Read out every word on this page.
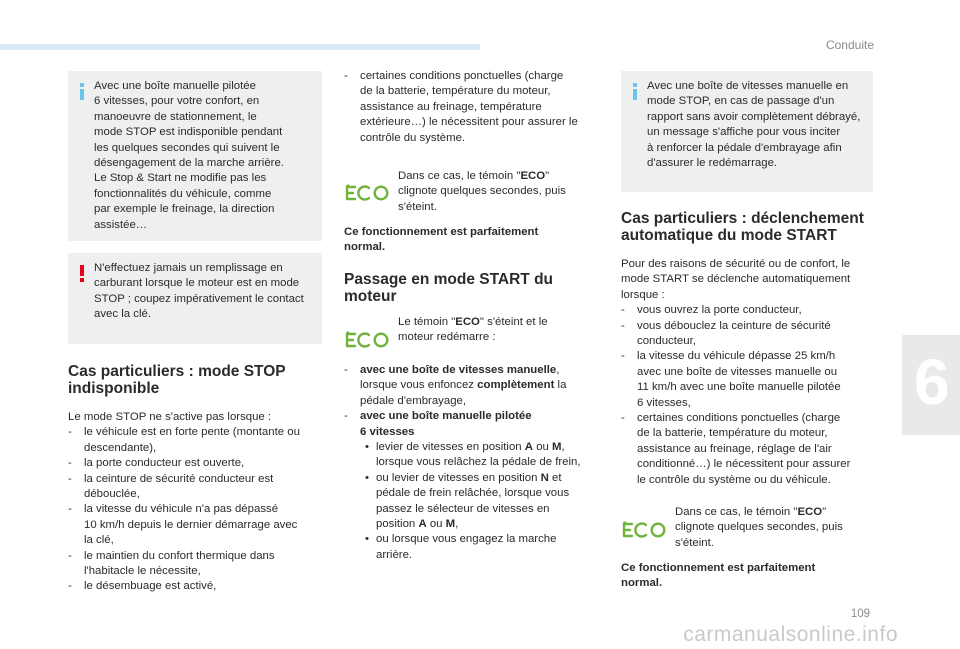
Conduite
6
109
carmanualsonline.info
Avec une boîte manuelle pilotée
6 vitesses, pour votre confort, en
manoeuvre de stationnement, le
mode STOP est indisponible pendant
les quelques secondes qui suivent le
désengagement de la marche arrière.
Le Stop & Start ne modifie pas les
fonctionnalités du véhicule, comme
par exemple le freinage, la direction
assistée…
N'effectuez jamais un remplissage en
carburant lorsque le moteur est en mode
STOP ; coupez impérativement le contact
avec la clé.
Cas particuliers : mode STOP
indisponible

Le mode STOP ne s'active pas lorsque :

- le véhicule est en forte pente (montante ou
descendante),
- la porte conducteur est ouverte,
- la ceinture de sécurité conducteur est
débouclée,
- la vitesse du véhicule n'a pas dépassé
10 km/h depuis le dernier démarrage avec
la clé,
- le maintien du confort thermique dans
l'habitacle le nécessite,
- le désembuage est activé,
- certaines conditions ponctuelles (charge
de la batterie, température du moteur,
assistance au freinage, température
extérieure…) le nécessitent pour assurer le
contrôle du système.
Dans ce cas, le témoin "ECO"
clignote quelques secondes, puis
s'éteint.
Ce fonctionnement est parfaitement
normal.
Passage en mode START du
moteur
Le témoin "ECO" s'éteint et le
moteur redémarre :
- avec une boîte de vitesses manuelle,
lorsque vous enfoncez complètement la
pédale d'embrayage,
- avec une boîte manuelle pilotée
6 vitesses
• levier de vitesses en position A ou M,
lorsque vous relâchez la pédale de frein,
• ou levier de vitesses en position N et
pédale de frein relâchée, lorsque vous
passez le sélecteur de vitesses en
position A ou M,
• ou lorsque vous engagez la marche
arrière.
Avec une boîte de vitesses manuelle en
mode STOP, en cas de passage d'un
rapport sans avoir complètement débrayé,
un message s'affiche pour vous inciter
à renforcer la pédale d'embrayage afin
d'assurer le redémarrage.
Cas particuliers : déclenchement
automatique du mode START
Pour des raisons de sécurité ou de confort, le
mode START se déclenche automatiquement
lorsque :
- vous ouvrez la porte conducteur,
- vous débouclez la ceinture de sécurité
conducteur,
- la vitesse du véhicule dépasse 25 km/h
avec une boîte de vitesses manuelle ou
11 km/h avec une boîte manuelle pilotée
6 vitesses,
- certaines conditions ponctuelles (charge
de la batterie, température du moteur,
assistance au freinage, réglage de l'air
conditionné…) le nécessitent pour assurer
le contrôle du système ou du véhicule.
Dans ce cas, le témoin "ECO"
clignote quelques secondes, puis
s'éteint.
Ce fonctionnement est parfaitement
normal.
